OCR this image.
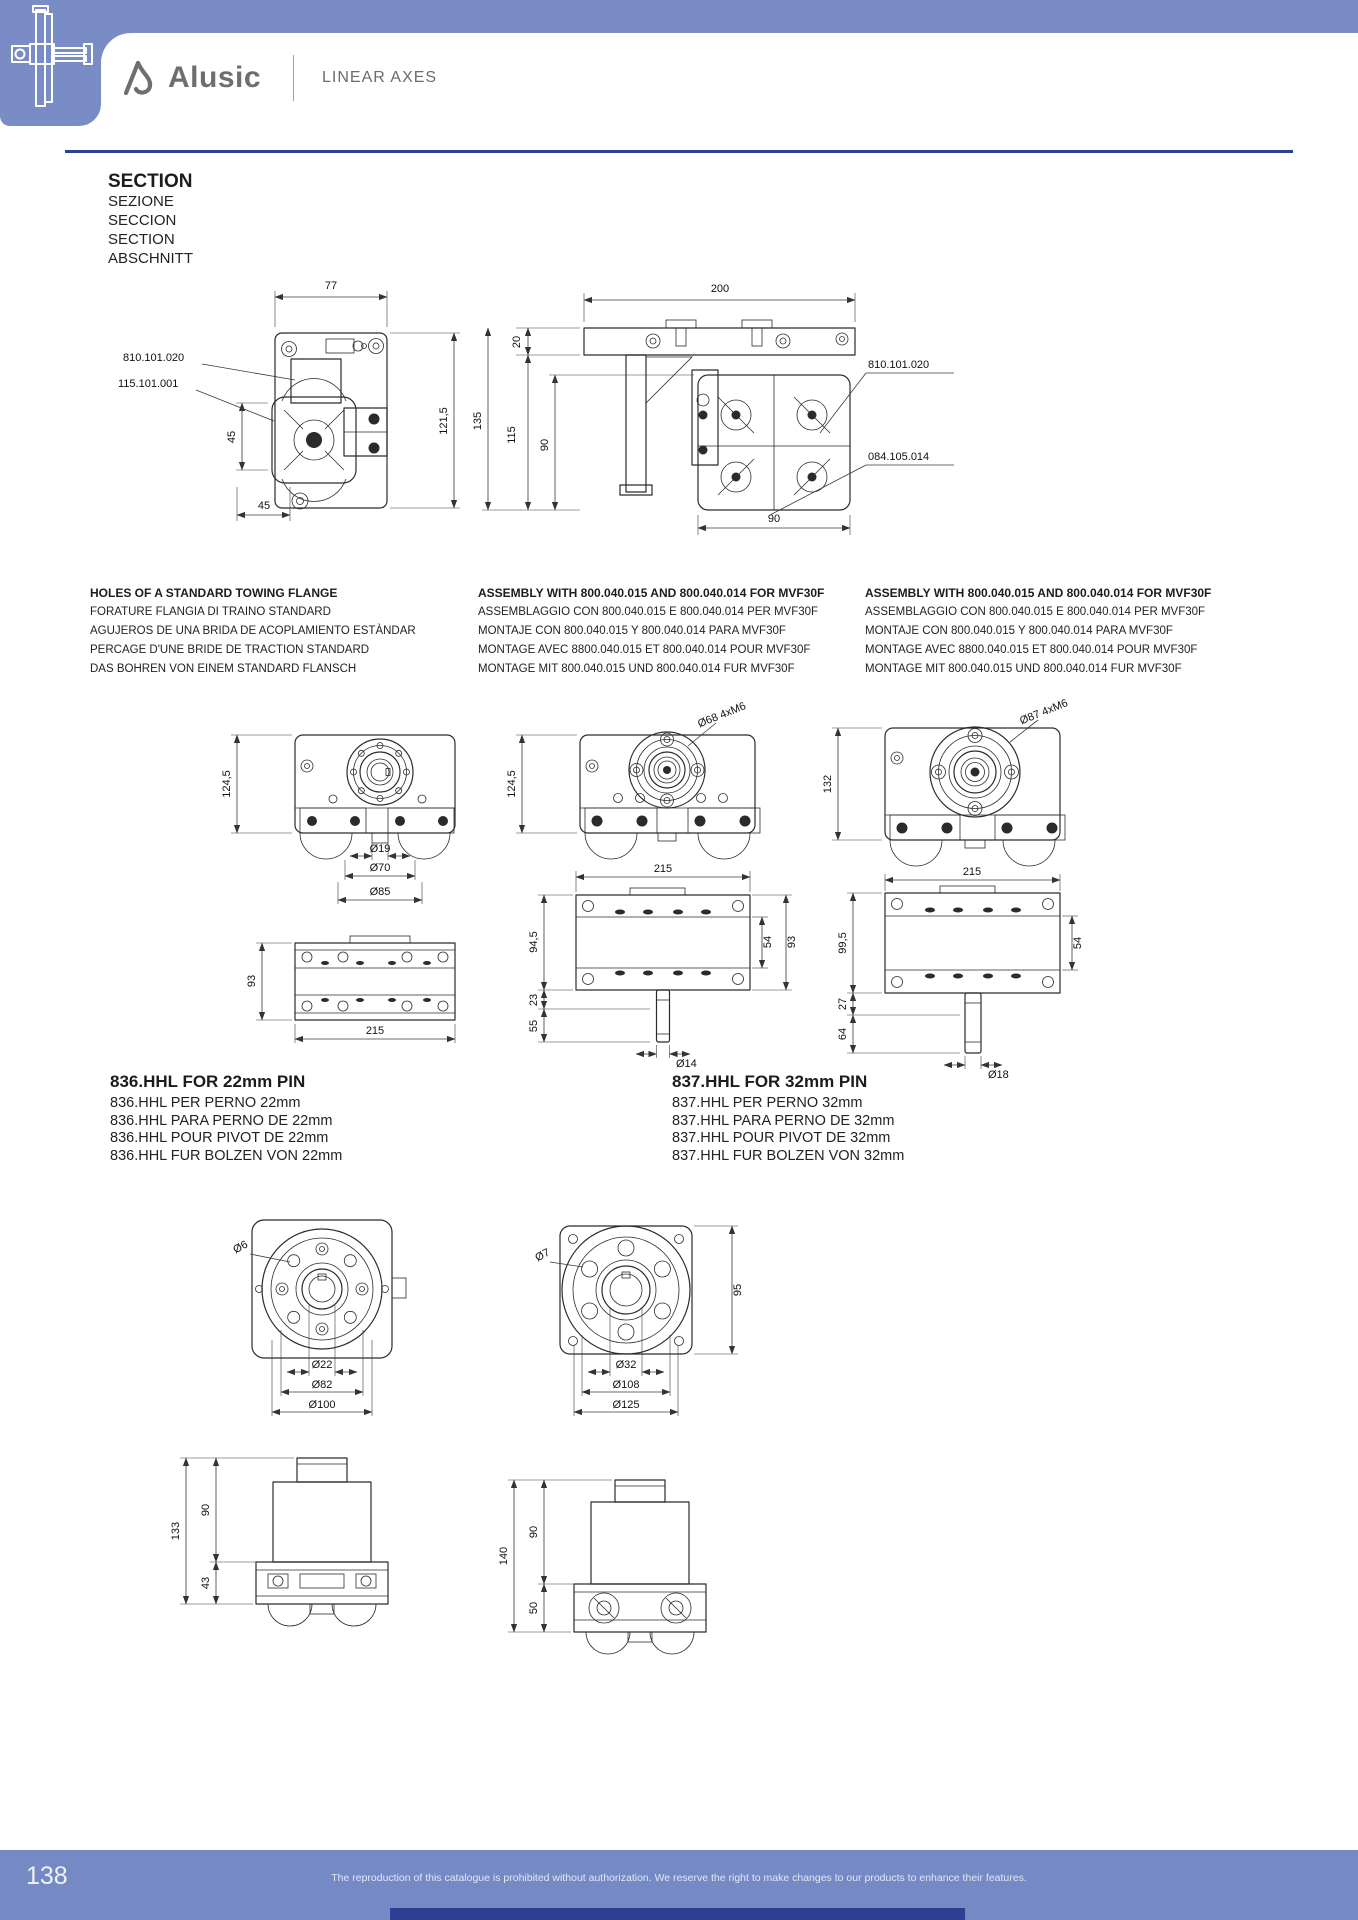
Alusic	LINEAR AXES
SECTION
SEZIONE
SECCION
SECTION
ABSCHNITT
810.101.020
115.101.001
77
45
45
121,5
200
20
135
115
90
90
810.101.020
084.105.014
HOLES OF A STANDARD TOWING FLANGE
FORATURE FLANGIA DI TRAINO STANDARD
AGUJEROS DE UNA BRIDA DE ACOPLAMIENTO ESTÀNDAR
PERCAGE D'UNE BRIDE DE TRACTION STANDARD
DAS BOHREN VON EINEM STANDARD FLANSCH
ASSEMBLY WITH 800.040.015 AND 800.040.014 FOR MVF30F
ASSEMBLAGGIO CON 800.040.015 E 800.040.014 PER MVF30F
MONTAJE CON 800.040.015 Y 800.040.014 PARA MVF30F
MONTAGE AVEC 8800.040.015 ET 800.040.014 POUR MVF30F
MONTAGE MIT 800.040.015 UND 800.040.014 FUR MVF30F
ASSEMBLY WITH 800.040.015 AND 800.040.014 FOR MVF30F
ASSEMBLAGGIO CON 800.040.015 E 800.040.014 PER MVF30F
MONTAJE CON 800.040.015 Y 800.040.014 PARA MVF30F
MONTAGE AVEC 8800.040.015 ET 800.040.014 POUR MVF30F
MONTAGE MIT 800.040.015 UND 800.040.014 FUR MVF30F
124,5
Ø19
Ø70
Ø85
93
215
Ø68 4xM6
124,5
215
94,5
23
55
Ø14
54 93
Ø87 4xM6
132
215
99,5
27
64
54
Ø18
836.HHL FOR 22mm PIN
836.HHL PER PERNO 22mm
836.HHL PARA PERNO DE 22mm
836.HHL POUR PIVOT DE 22mm
836.HHL FUR BOLZEN VON 22mm
837.HHL FOR 32mm PIN
837.HHL PER PERNO 32mm
837.HHL PARA PERNO DE 32mm
837.HHL POUR PIVOT DE 32mm
837.HHL FUR BOLZEN VON 32mm
Ø6
Ø22
Ø82
Ø100
133
90
43
Ø7
95
Ø32
Ø108
Ø125
140
90
50
138	The reproduction of this catalogue is prohibited without authorization. We reserve the right to make changes to our products to enhance their features.
